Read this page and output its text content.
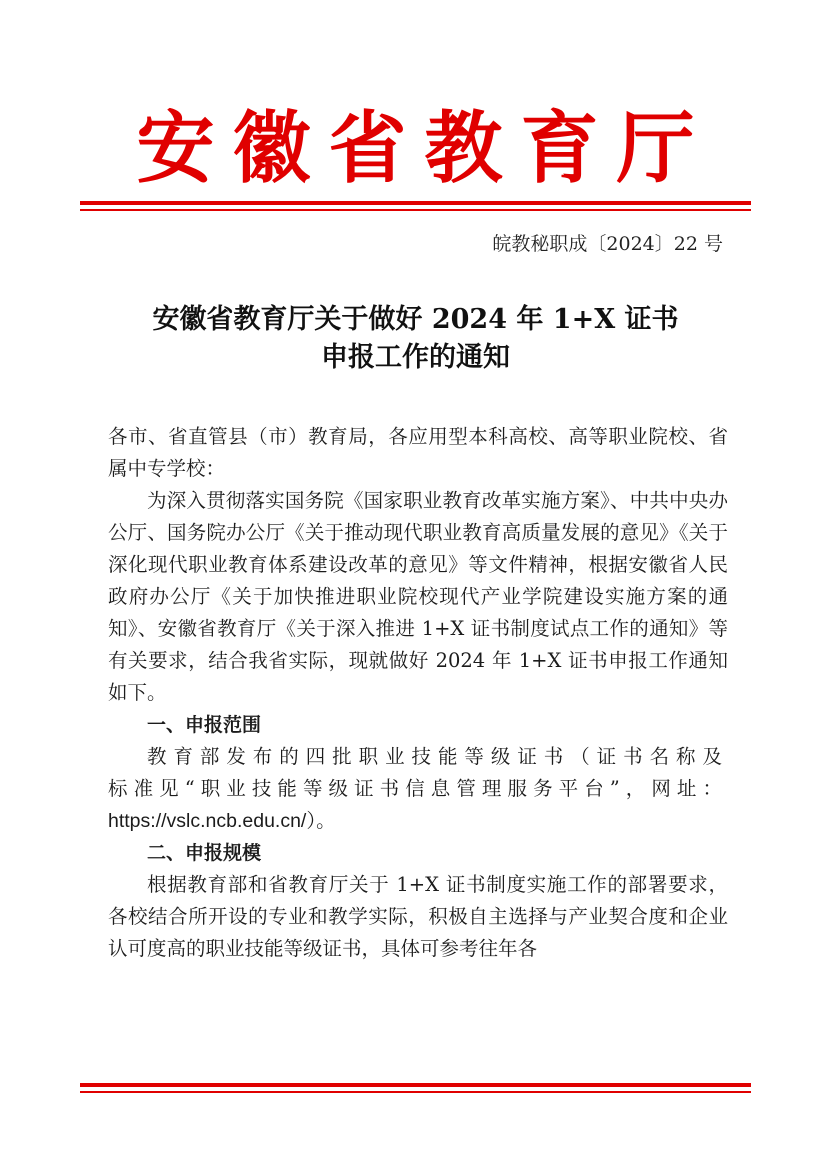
安徽省教育厅
皖教秘职成〔2024〕22 号
安徽省教育厅关于做好 2024 年 1+X 证书
申报工作的通知

各市、省直管县（市）教育局，各应用型本科高校、高等职业院校、省属中专学校：

为深入贯彻落实国务院《国家职业教育改革实施方案》、中共中央办公厅、国务院办公厅《关于推动现代职业教育高质量发展的意见》《关于深化现代职业教育体系建设改革的意见》等文件精神，根据安徽省人民政府办公厅《关于加快推进职业院校现代产业学院建设实施方案的通知》、安徽省教育厅《关于深入推进 1+X 证书制度试点工作的通知》等有关要求，结合我省实际，现就做好 2024 年 1+X 证书申报工作通知如下。

一、申报范围

教育部发布的四批职业技能等级证书（证书名称及标准见“职业技能等级证书信息管理服务平台”，网址：https://vslc.ncb.edu.cn/）。

二、申报规模

根据教育部和省教育厅关于 1+X 证书制度实施工作的部署要求，各校结合所开设的专业和教学实际，积极自主选择与产业契合度和企业认可度高的职业技能等级证书，具体可参考往年各
